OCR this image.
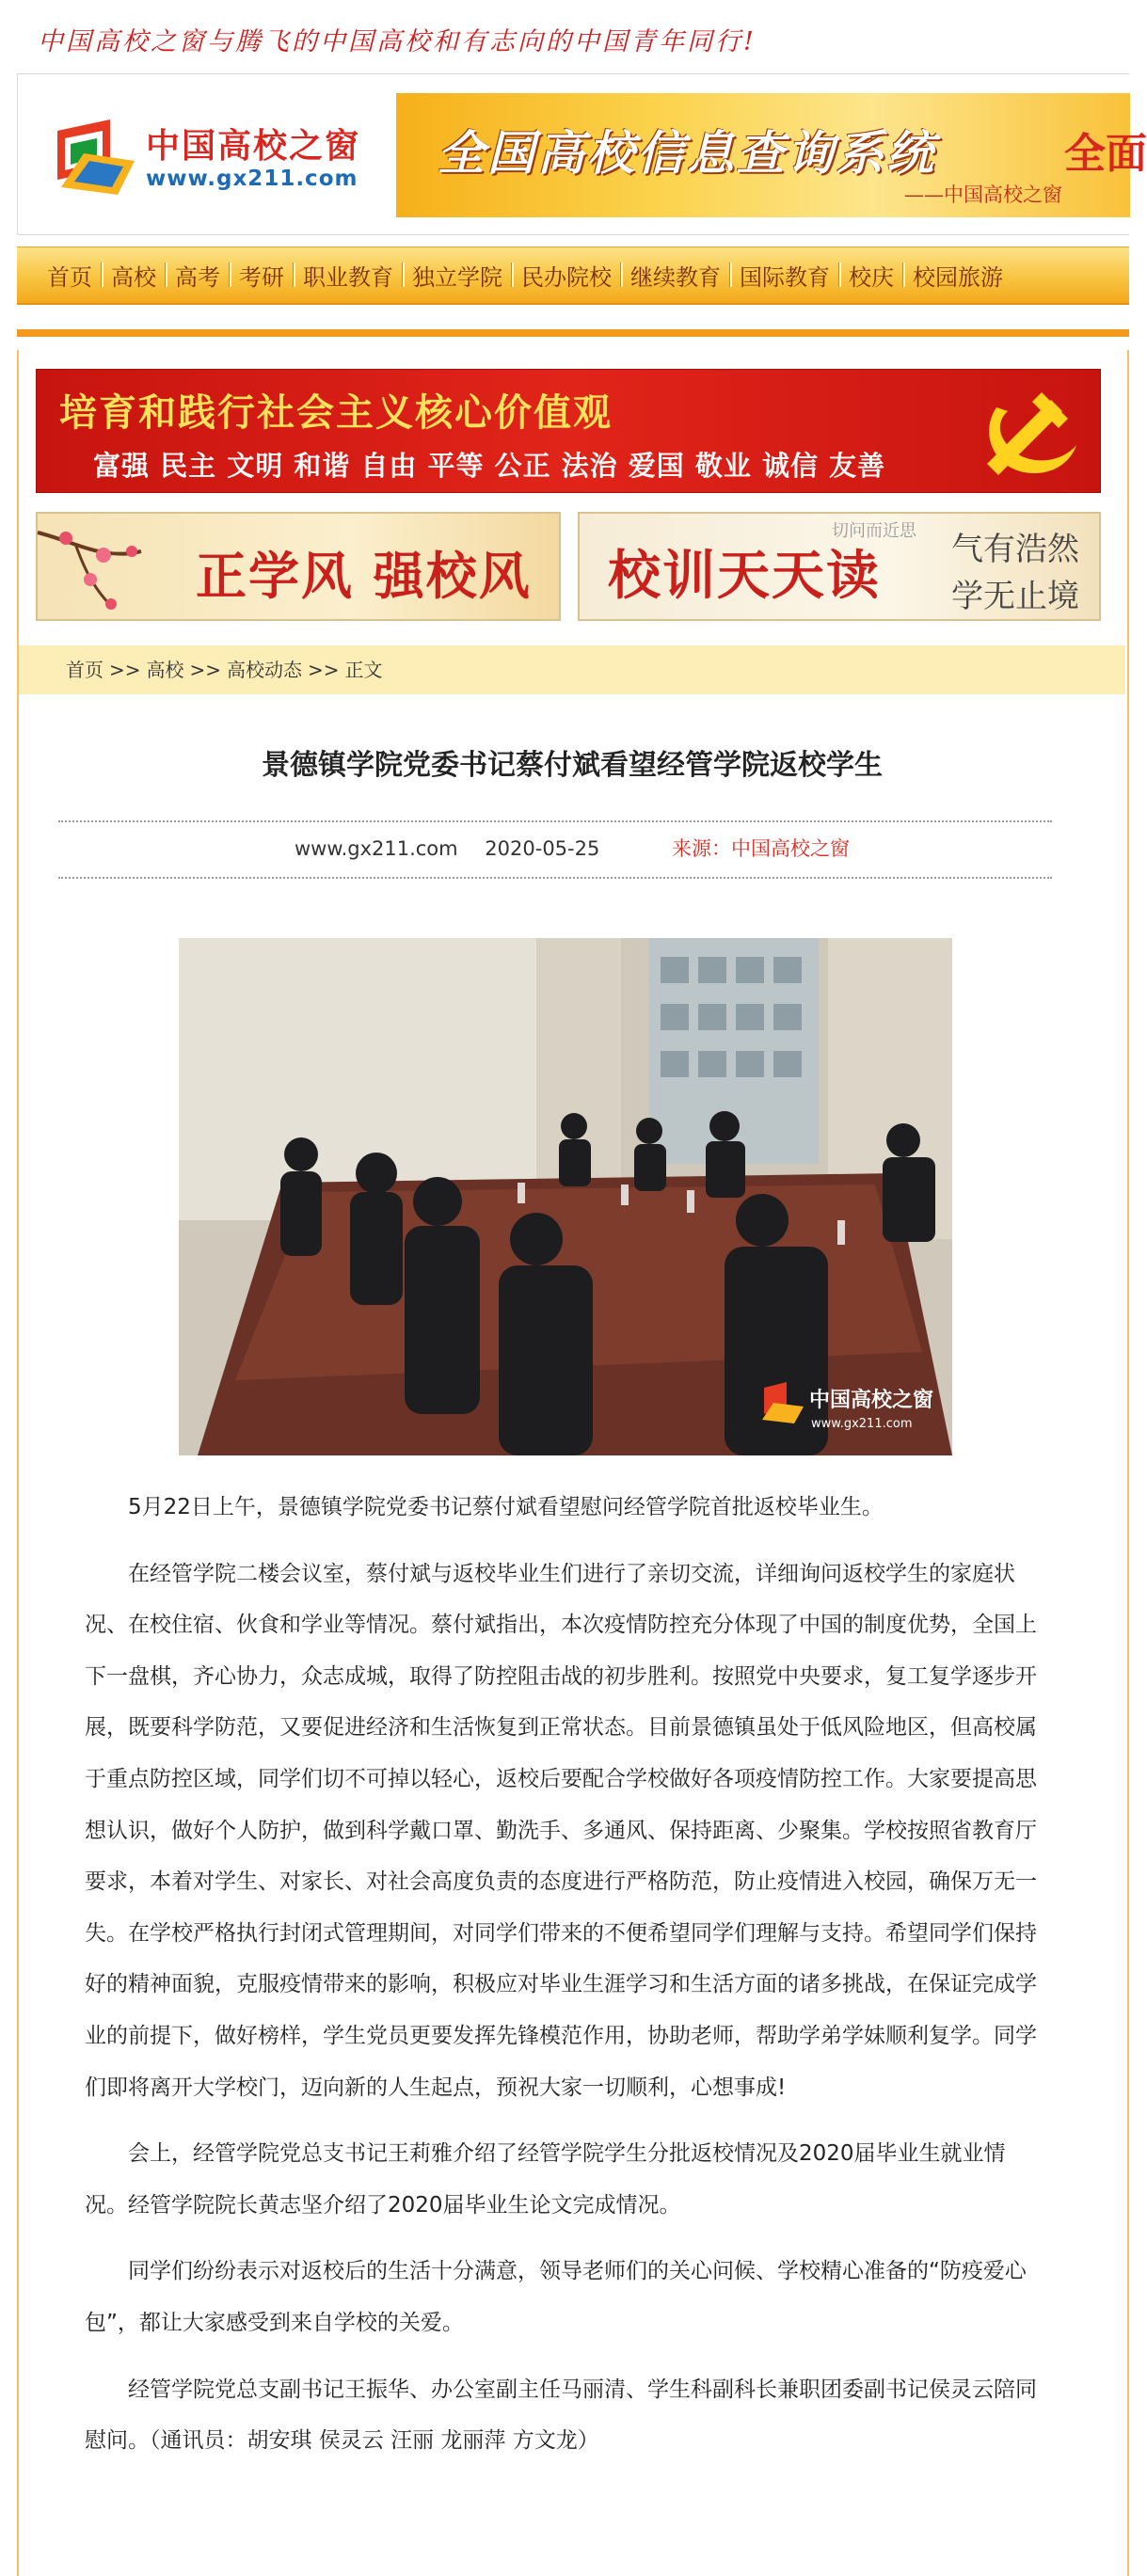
中国高校之窗与腾飞的中国高校和有志向的中国青年同行!
中国高校之窗
www.gx211.com 全国高校信息查询系统	全面
——中国高校之窗
首页 高校 高考 考研 职业教育 独立学院 民办院校 继续教育 国际教育 校庆 校园旅游
培育和践行社会主义核心价值观
富强 民主 文明 和谐 自由 平等 公正 法治 爱国 敬业 诚信 友善
正学风 强校风
切问而近思
校训天天读 气有浩然
学无止境
首页 >> 高校 >> 高校动态 >> 正文
景德镇学院党委书记蔡付斌看望经管学院返校学生
www.gx211.com 2020-05-25	来源：中国高校之窗
中国高校之窗
www.gx211.com

5月22日上午，景德镇学院党委书记蔡付斌看望慰问经管学院首批返校毕业生。

在经管学院二楼会议室，蔡付斌与返校毕业生们进行了亲切交流，详细询问返校学生的家庭状况、在校住宿、伙食和学业等情况。蔡付斌指出，本次疫情防控充分体现了中国的制度优势，全国上下一盘棋，齐心协力，众志成城，取得了防控阻击战的初步胜利。按照党中央要求，复工复学逐步开展，既要科学防范，又要促进经济和生活恢复到正常状态。目前景德镇虽处于低风险地区，但高校属于重点防控区域，同学们切不可掉以轻心，返校后要配合学校做好各项疫情防控工作。大家要提高思想认识，做好个人防护，做到科学戴口罩、勤洗手、多通风、保持距离、少聚集。学校按照省教育厅要求，本着对学生、对家长、对社会高度负责的态度进行严格防范，防止疫情进入校园，确保万无一失。在学校严格执行封闭式管理期间，对同学们带来的不便希望同学们理解与支持。希望同学们保持好的精神面貌，克服疫情带来的影响，积极应对毕业生涯学习和生活方面的诸多挑战，在保证完成学业的前提下，做好榜样，学生党员更要发挥先锋模范作用，协助老师，帮助学弟学妹顺利复学。同学们即将离开大学校门，迈向新的人生起点，预祝大家一切顺利，心想事成!

会上，经管学院党总支书记王莉雅介绍了经管学院学生分批返校情况及2020届毕业生就业情况。经管学院院长黄志坚介绍了2020届毕业生论文完成情况。

同学们纷纷表示对返校后的生活十分满意，领导老师们的关心问候、学校精心准备的“防疫爱心包”，都让大家感受到来自学校的关爱。

经管学院党总支副书记王振华、办公室副主任马丽清、学生科副科长兼职团委副书记侯灵云陪同慰问。（通讯员：胡安琪 侯灵云 汪丽 龙丽萍 方文龙）
